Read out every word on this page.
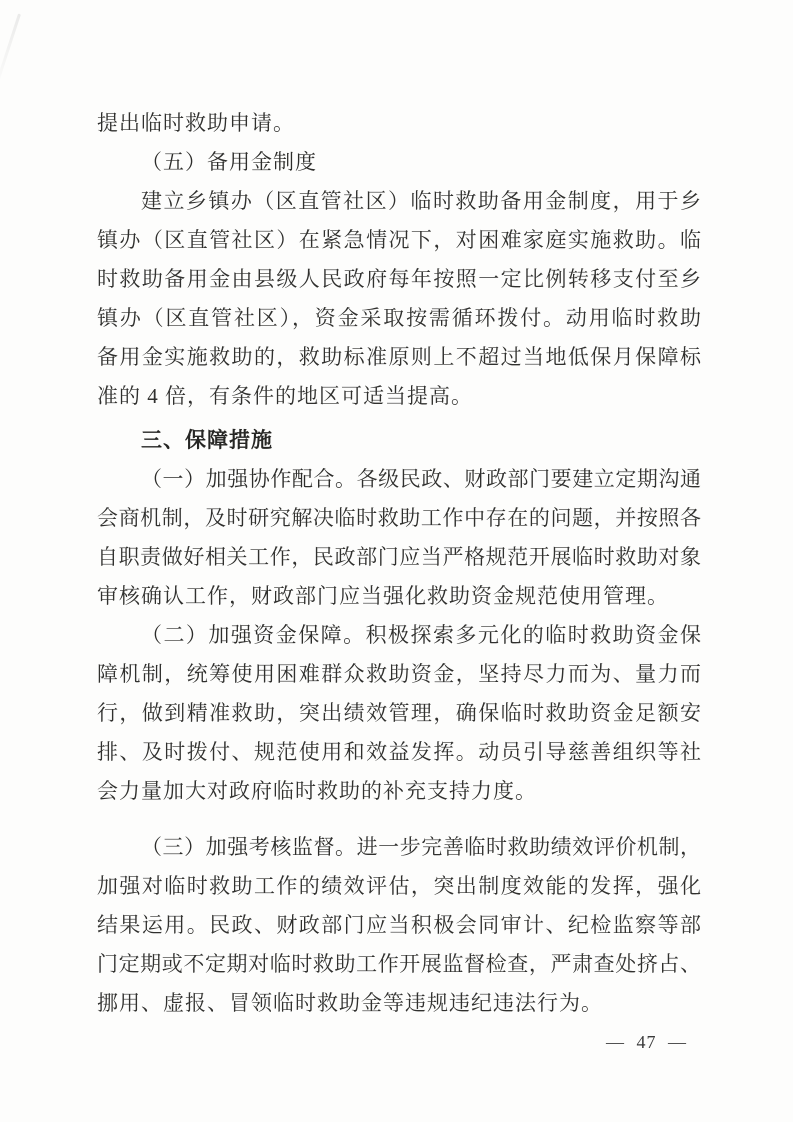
提出临时救助申请。
（五）备用金制度
建立乡镇办（区直管社区）临时救助备用金制度，用于乡
镇办（区直管社区）在紧急情况下，对困难家庭实施救助。临
时救助备用金由县级人民政府每年按照一定比例转移支付至乡
镇办（区直管社区），资金采取按需循环拨付。动用临时救助
备用金实施救助的，救助标准原则上不超过当地低保月保障标
准的 4 倍，有条件的地区可适当提高。
三、保障措施
（一）加强协作配合。各级民政、财政部门要建立定期沟通
会商机制，及时研究解决临时救助工作中存在的问题，并按照各
自职责做好相关工作，民政部门应当严格规范开展临时救助对象
审核确认工作，财政部门应当强化救助资金规范使用管理。
（二）加强资金保障。积极探索多元化的临时救助资金保
障机制，统筹使用困难群众救助资金，坚持尽力而为、量力而
行，做到精准救助，突出绩效管理，确保临时救助资金足额安
排、及时拨付、规范使用和效益发挥。动员引导慈善组织等社
会力量加大对政府临时救助的补充支持力度。
（三）加强考核监督。进一步完善临时救助绩效评价机制，
加强对临时救助工作的绩效评估，突出制度效能的发挥，强化
结果运用。民政、财政部门应当积极会同审计、纪检监察等部
门定期或不定期对临时救助工作开展监督检查，严肃查处挤占、
挪用、虚报、冒领临时救助金等违规违纪违法行为。
— 47 —
